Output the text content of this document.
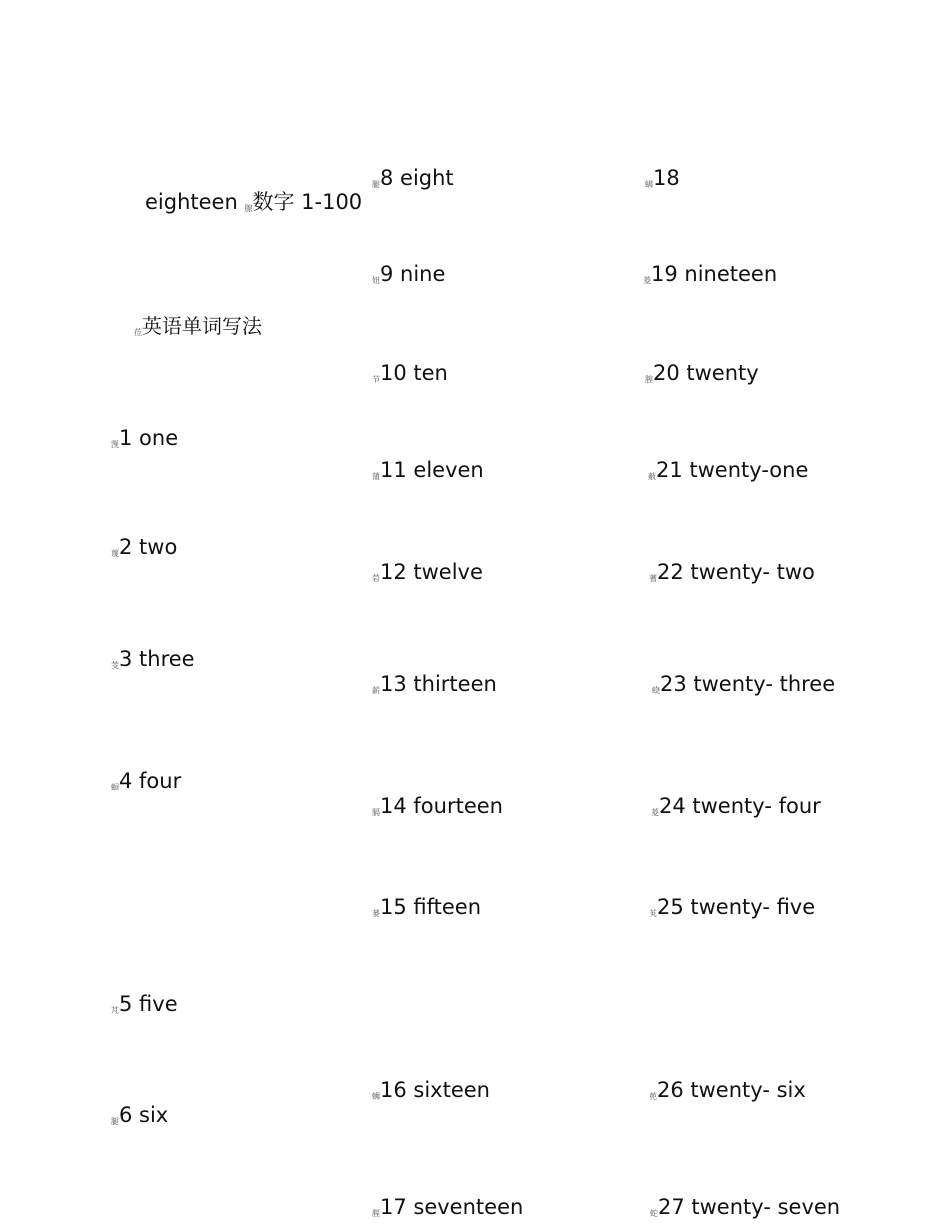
eighteen 腺数字 1-100
莅英语单词写法
觊1 one
蔑2 two
芰3 three
蛔4 four
芃5 five
腿6 six
腿8 eight
妞9 nine
节10 ten
蒲11 eleven
菪12 twelve
薪13 thirteen
膈14 fourteen
蒌15 fifteen
蛳16 sixteen
腥17 seventeen
螨18
菱19 nineteen
膣20 twenty
蔽21 twenty-one
蓍22 twenty- two
蛲23 twenty- three
菱24 twenty- four
芄25 twenty- five
蔸26 twenty- six
蛇27 twenty- seven
